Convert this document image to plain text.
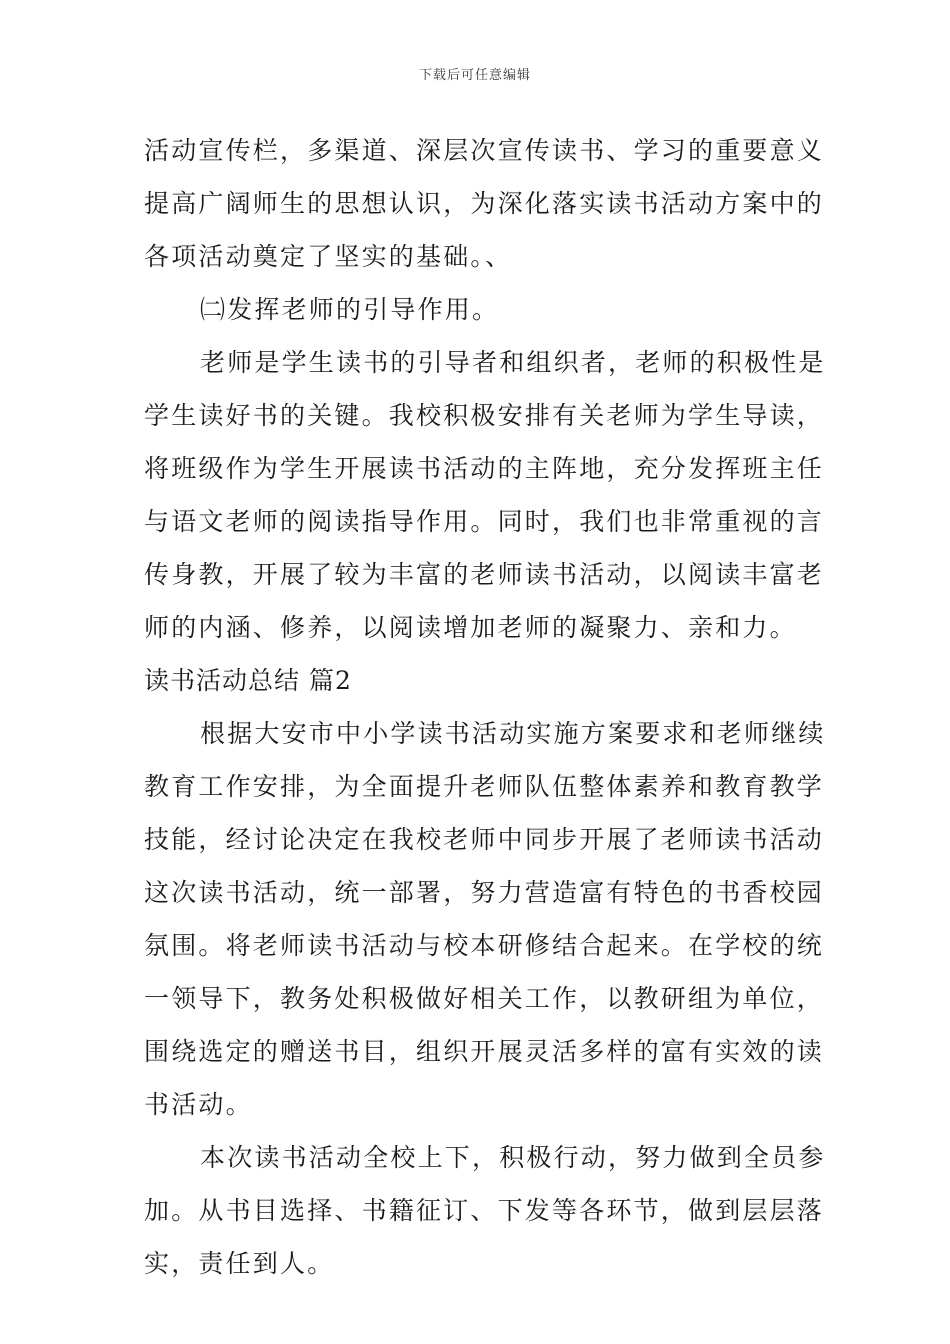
下载后可任意编辑
活动宣传栏，多渠道、深层次宣传读书、学习的重要意义
提高广阔师生的思想认识，为深化落实读书活动方案中的
各项活动奠定了坚实的基础。、
㈡发挥老师的引导作用。
老师是学生读书的引导者和组织者，老师的积极性是
学生读好书的关键。我校积极安排有关老师为学生导读，
将班级作为学生开展读书活动的主阵地，充分发挥班主任
与语文老师的阅读指导作用。同时，我们也非常重视的言
传身教，开展了较为丰富的老师读书活动，以阅读丰富老
师的内涵、修养，以阅读增加老师的凝聚力、亲和力。
读书活动总结 篇2
根据大安市中小学读书活动实施方案要求和老师继续
教育工作安排，为全面提升老师队伍整体素养和教育教学
技能，经讨论决定在我校老师中同步开展了老师读书活动
这次读书活动，统一部署，努力营造富有特色的书香校园
氛围。将老师读书活动与校本研修结合起来。在学校的统
一领导下，教务处积极做好相关工作，以教研组为单位，
围绕选定的赠送书目，组织开展灵活多样的富有实效的读
书活动。
本次读书活动全校上下，积极行动，努力做到全员参
加。从书目选择、书籍征订、下发等各环节，做到层层落
实，责任到人。
